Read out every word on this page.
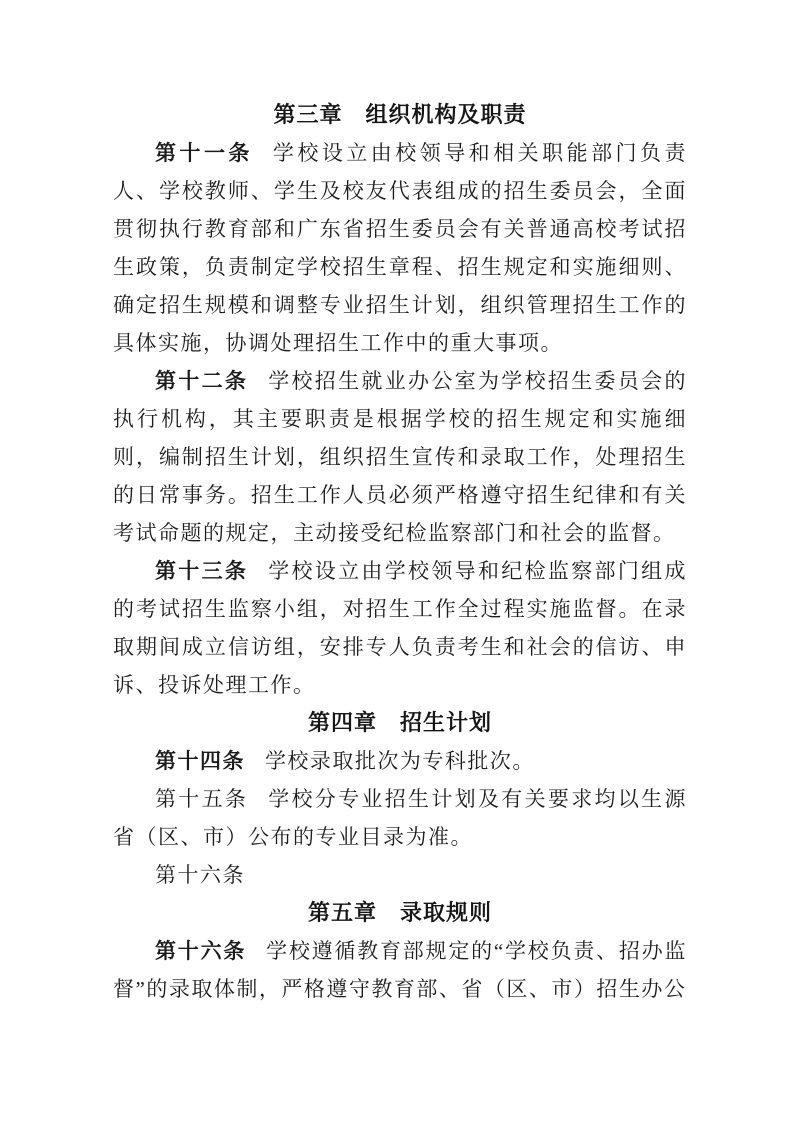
第三章　组织机构及职责

第十一条 学校设立由校领导和相关职能部门负责人、学校教师、学生及校友代表组成的招生委员会，全面贯彻执行教育部和广东省招生委员会有关普通高校考试招生政策，负责制定学校招生章程、招生规定和实施细则、确定招生规模和调整专业招生计划，组织管理招生工作的具体实施，协调处理招生工作中的重大事项。

第十二条 学校招生就业办公室为学校招生委员会的执行机构，其主要职责是根据学校的招生规定和实施细则，编制招生计划，组织招生宣传和录取工作，处理招生的日常事务。招生工作人员必须严格遵守招生纪律和有关考试命题的规定，主动接受纪检监察部门和社会的监督。

第十三条 学校设立由学校领导和纪检监察部门组成的考试招生监察小组，对招生工作全过程实施监督。在录取期间成立信访组，安排专人负责考生和社会的信访、申诉、投诉处理工作。

第四章　招生计划

第十四条 学校录取批次为专科批次。

第十五条 学校分专业招生计划及有关要求均以生源省（区、市）公布的专业目录为准。

第十六条

第五章　录取规则

第十六条 学校遵循教育部规定的“学校负责、招办监督”的录取体制，严格遵守教育部、省（区、市）招生办公
